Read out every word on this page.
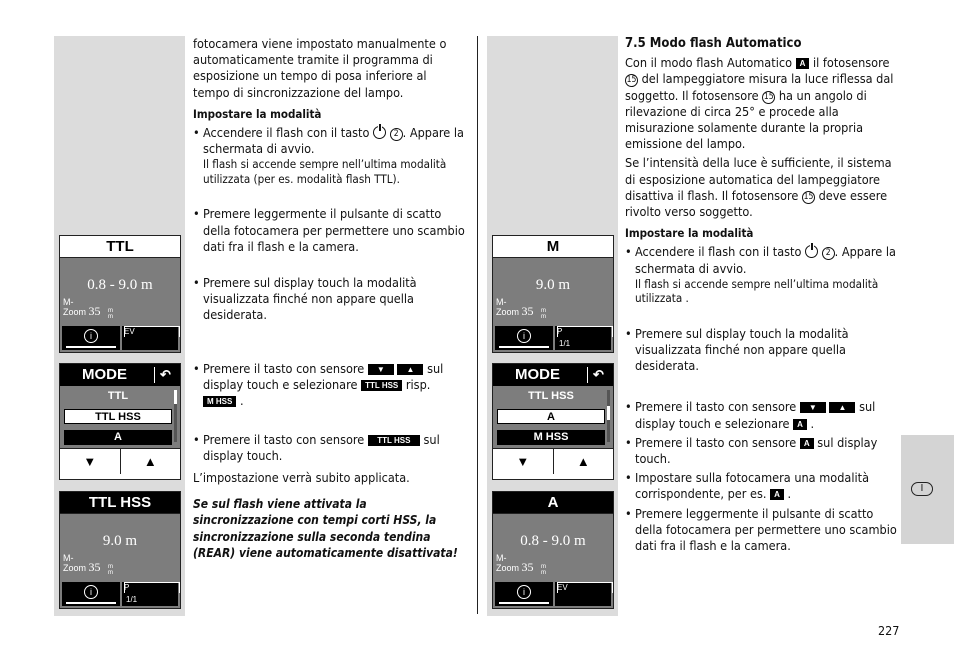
TTL
0.8 - 9.0 m
M-
Zoom 35 m
m
i	EV
MODE	↶
TTL
TTL HSS
A
▼	▲
TTL HSS
9.0 m
M-
Zoom 35 m
m
i	P
1/1
M
9.0 m
M-
Zoom 35 m
m
i	P
1/1
MODE	↶
TTL HSS
A
M HSS
▼	▲
A
0.8 - 9.0 m
M-
Zoom 35 m
m
i	EV

fotocamera viene impostato manualmente o automaticamente tramite il programma di esposizione un tempo di posa inferiore al tempo di sincronizzazione del lampo.

Impostare la modalità

• Accendere il flash con il tasto	2 . Appare la schermata di avvio.
Il flash si accende sempre nell’ultima modalità utilizzata (per es. modalità flash TTL).
• Premere leggermente il pulsante di scatto della fotocamera per permettere uno scambio dati fra il flash e la camera.
• Premere sul display touch la modalità visualizzata finché non appare quella desiderata.
• Premere il tasto con sensore ▼	▲ sul display touch e selezionare TTL HSS risp. M HSS .
• Premere il tasto con sensore TTL HSS sul display touch.

L’impostazione verrà subito applicata.

Se sul flash viene attivata la sincronizzazione con tempi corti HSS, la sincronizzazione sulla seconda tendina (REAR) viene automaticamente disattivata!

7.5 Modo flash Automatico

Con il modo flash Automatico A il fotosensore 15 del lampeggiatore misura la luce riflessa dal soggetto. Il fotosensore 15 ha un angolo di rilevazione di circa 25° e procede alla misurazione solamente durante la propria emissione del lampo.

Se l’intensità della luce è sufficiente, il sistema di esposizione automatica del lampeggiatore disattiva il flash. Il fotosensore 15 deve essere rivolto verso soggetto.

Impostare la modalità

• Accendere il flash con il tasto	2 . Appare la schermata di avvio.
Il flash si accende sempre nell’ultima modalità utilizzata .
• Premere sul display touch la modalità visualizzata finché non appare quella desiderata.
• Premere il tasto con sensore ▼	▲ sul display touch e selezionare A .
• Premere il tasto con sensore A sul display touch.
• Impostare sulla fotocamera una modalità corrispondente, per es. A .
• Premere leggermente il pulsante di scatto della fotocamera per permettere uno scambio dati fra il flash e la camera.
I
227
